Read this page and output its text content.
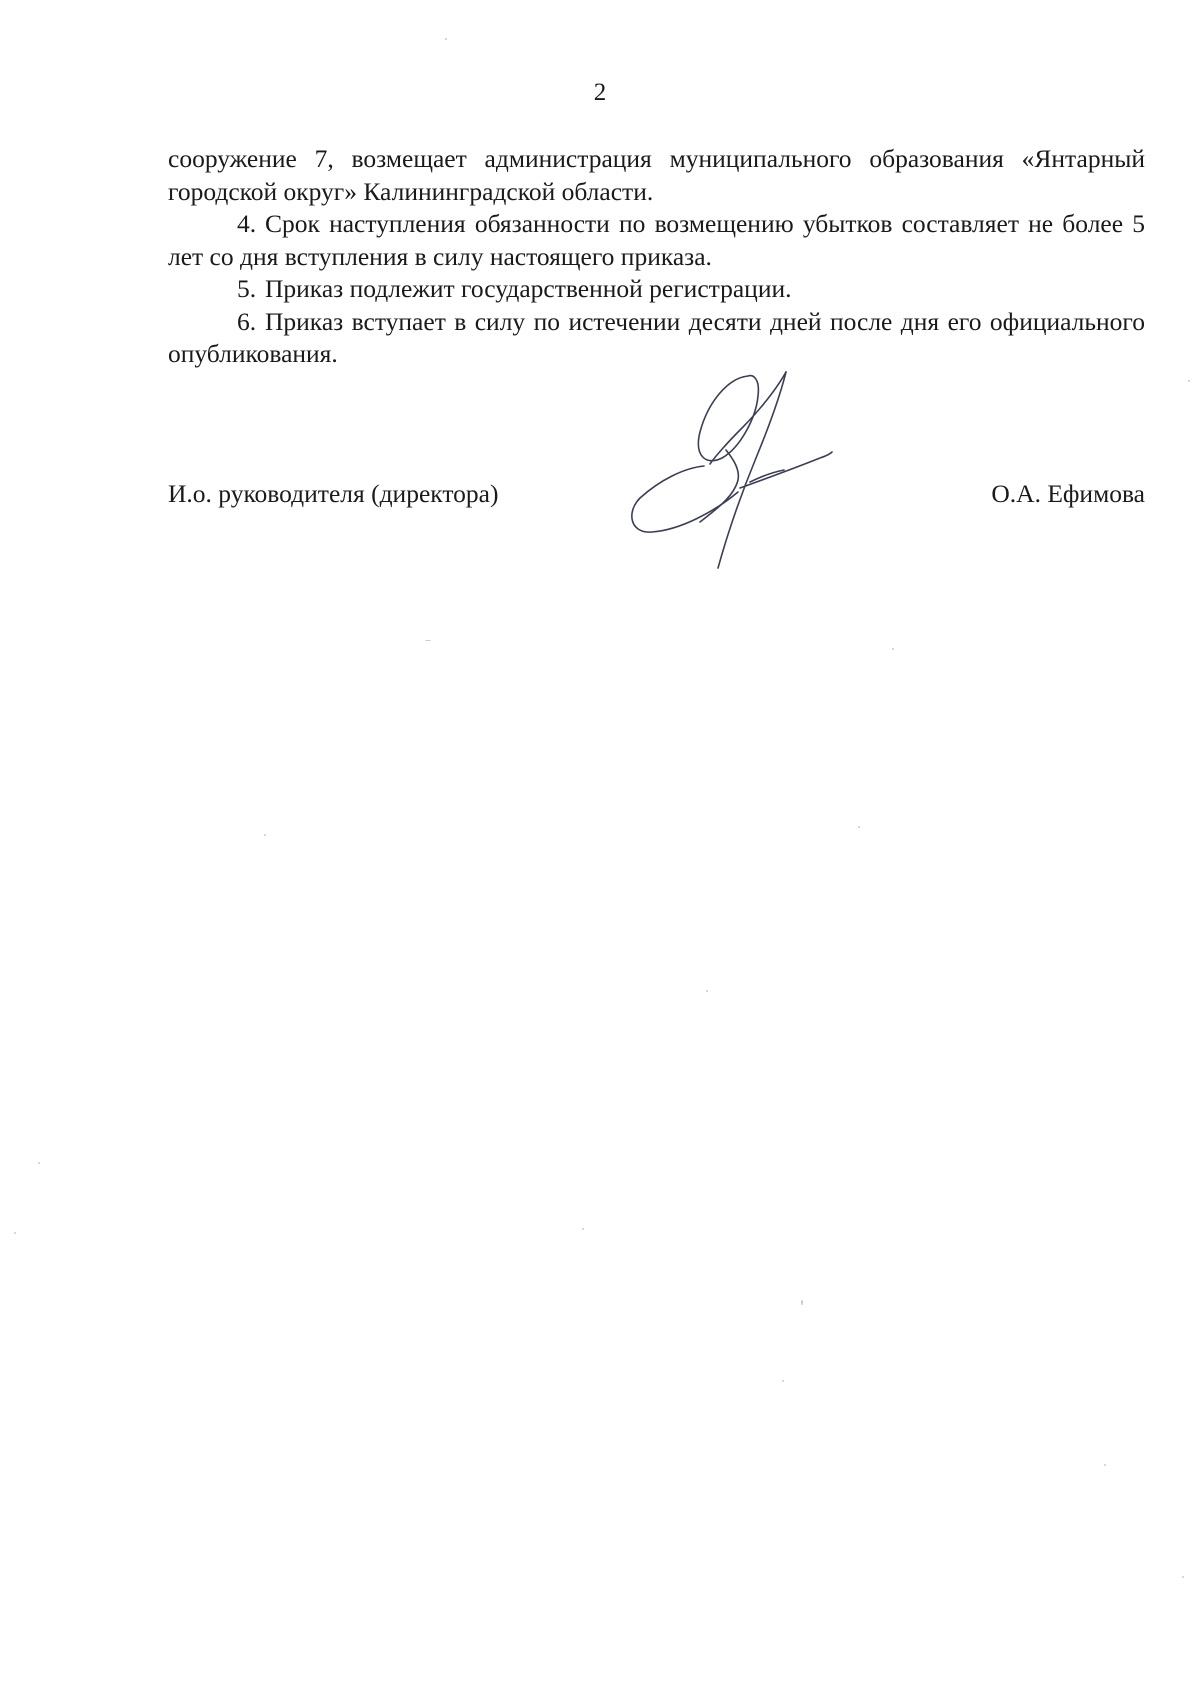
2

сооружение 7, возмещает администрация муниципального образования «Янтарный городской округ» Калининградской области.

4. Срок наступления обязанности по возмещению убытков составляет не более 5 лет со дня вступления в силу настоящего приказа.

5. Приказ подлежит государственной регистрации.

6. Приказ вступает в силу по истечении десяти дней после дня его официального опубликования.

И.о. руководителя (директора)	О.А. Ефимова
